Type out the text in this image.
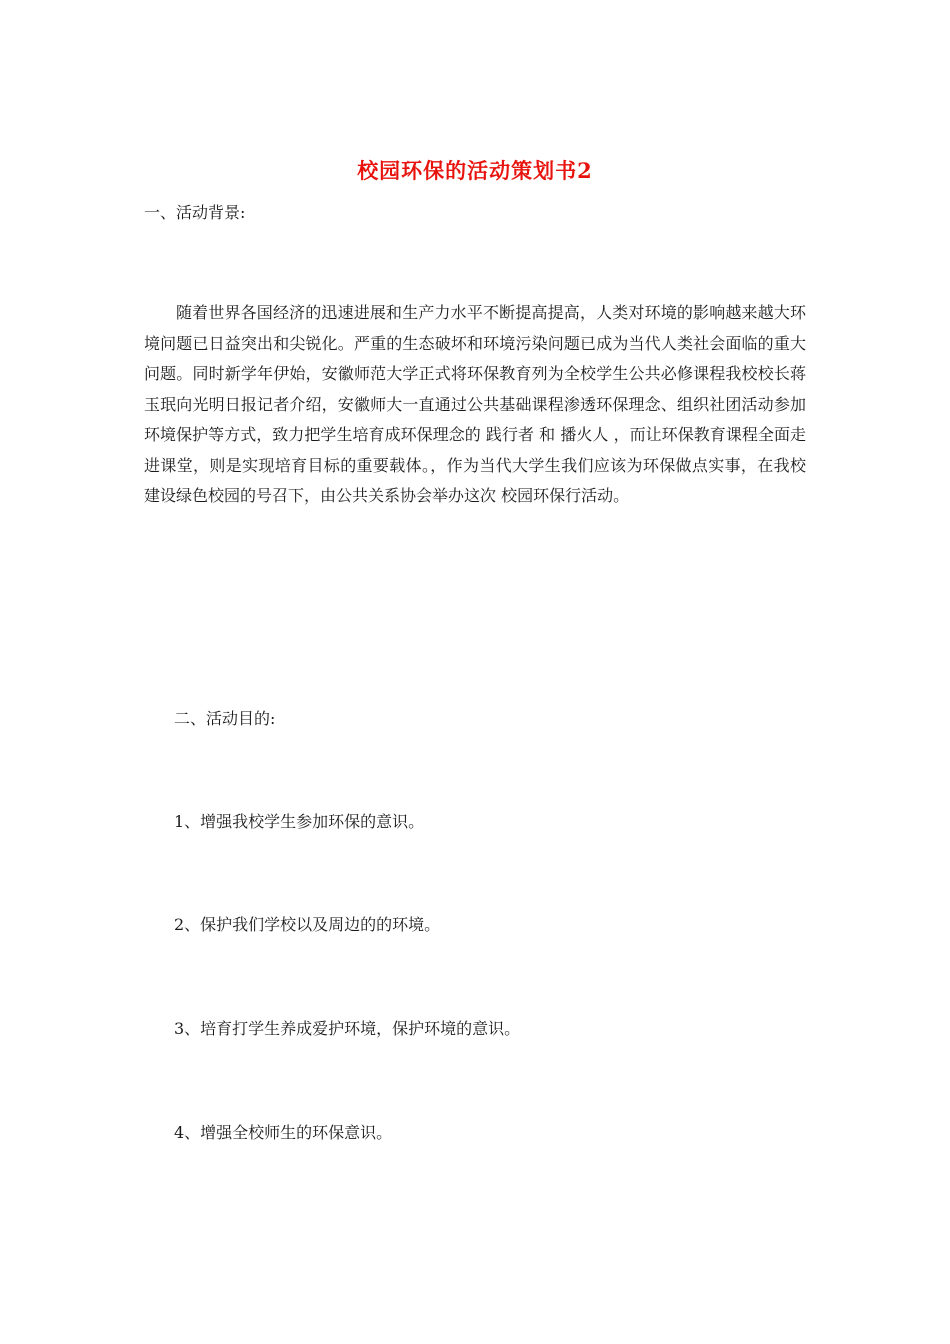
校园环保的活动策划书2
一、活动背景:

随着世界各国经济的迅速进展和生产力水平不断提高提高，人类对环境的影响越来越大环境问题已日益突出和尖锐化。严重的生态破坏和环境污染问题已成为当代人类社会面临的重大问题。同时新学年伊始，安徽师范大学正式将环保教育列为全校学生公共必修课程我校校长蒋玉珉向光明日报记者介绍，安徽师大一直通过公共基础课程渗透环保理念、组织社团活动参加环境保护等方式，致力把学生培育成环保理念的 践行者 和 播火人 ，而让环保教育课程全面走进课堂，则是实现培育目标的重要载体。，作为当代大学生我们应该为环保做点实事，在我校建设绿色校园的号召下，由公共关系协会举办这次 校园环保行活动。

二、活动目的:
1、增强我校学生参加环保的意识。
2、保护我们学校以及周边的的环境。
3、培育打学生养成爱护环境，保护环境的意识。
4、增强全校师生的环保意识。
